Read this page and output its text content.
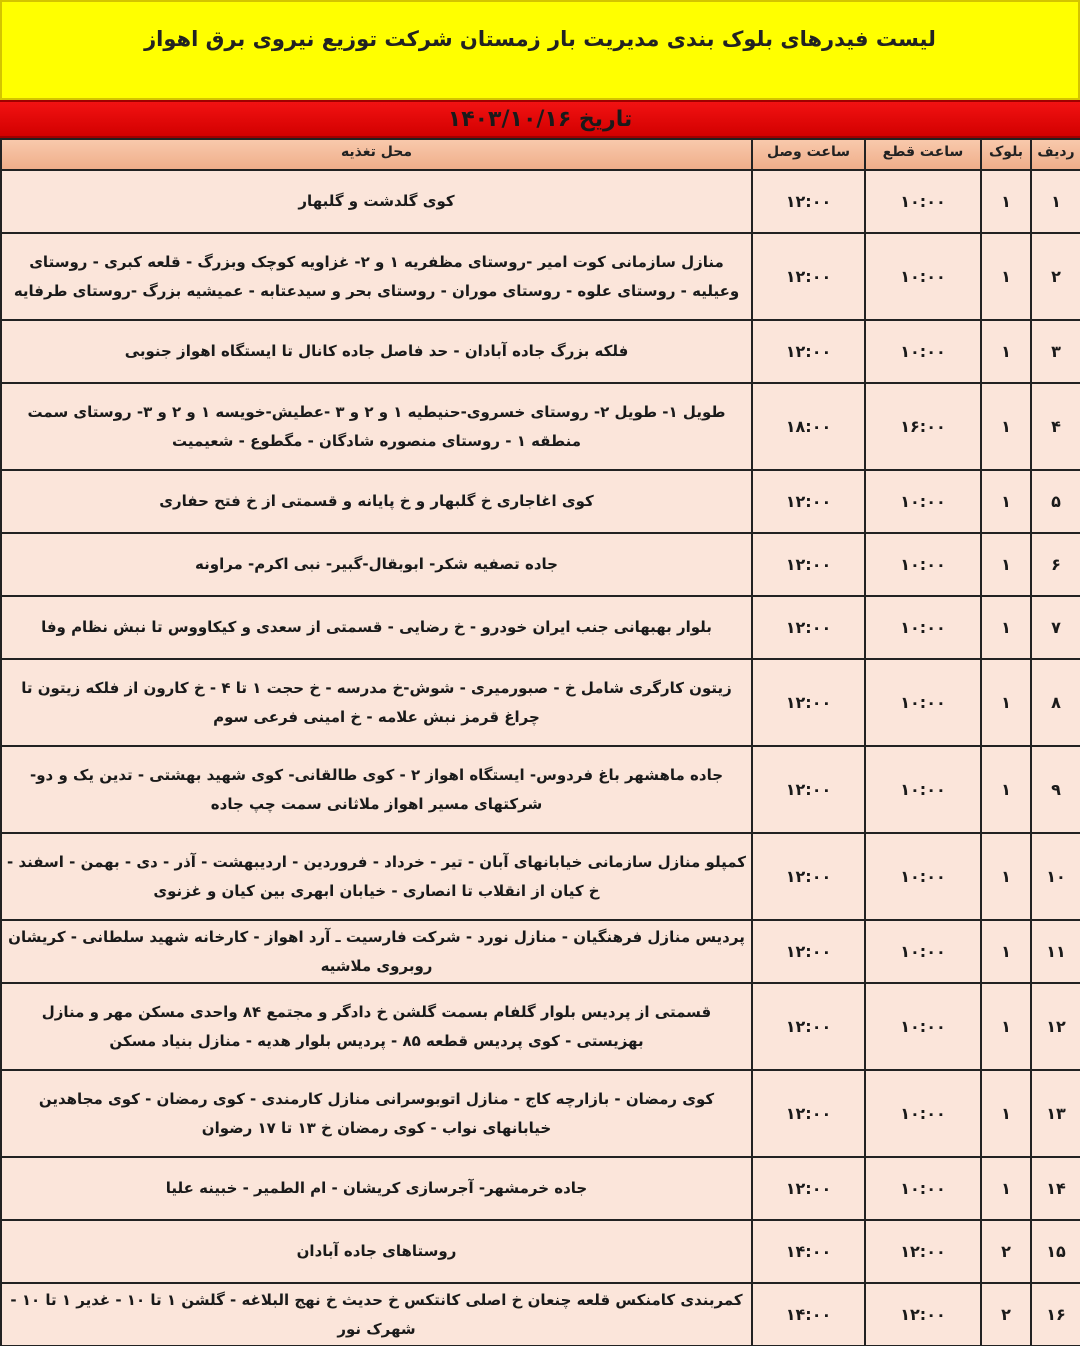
لیست فیدرهای بلوک بندی مدیریت بار زمستان شرکت توزیع نیروی برق اهواز
تاریخ ۱۴۰۳/۱۰/۱۶
ردیف	بلوک	ساعت قطع	ساعت وصل	محل تغذیه
۱	۱	۱۰:۰۰	۱۲:۰۰	کوی گلدشت و گلبهار
۲	۱	۱۰:۰۰	۱۲:۰۰	منازل سازمانی کوت امیر -روستای مظفریه ۱ و ۲- غزاویه کوچک وبزرگ - قلعه کبری - روستای وعیلیه - روستای علوه - روستای موران - روستای بحر و سیدعتابه - عمیشیه بزرگ -روستای طرفایه
۳	۱	۱۰:۰۰	۱۲:۰۰	فلکه بزرگ جاده آبادان - حد فاصل جاده کانال تا ایستگاه اهواز جنوبی
۴	۱	۱۶:۰۰	۱۸:۰۰	طویل ۱- طویل ۲- روستای خسروی-حنیطیه ۱ و ۲ و ۳ -عطیش-خویسه ۱ و ۲ و ۳- روستای سمت منطقه ۱ - روستای منصوره شادگان - مگطوع - شعیمیت
۵	۱	۱۰:۰۰	۱۲:۰۰	کوی اغاجاری خ گلبهار و خ پایانه و قسمتی از خ فتح حفاری
۶	۱	۱۰:۰۰	۱۲:۰۰	جاده تصفیه شکر- ابوبقال-گبیر- نبی اکرم- مراونه
۷	۱	۱۰:۰۰	۱۲:۰۰	بلوار بهبهانی جنب ایران خودرو - خ رضایی - قسمتی از سعدی و کیکاووس تا نبش نظام وفا
۸	۱	۱۰:۰۰	۱۲:۰۰	زیتون کارگری شامل خ - صبورمیری - شوش-خ مدرسه - خ حجت ۱ تا ۴ - خ کارون از فلکه زیتون تا چراغ قرمز نبش علامه - خ امینی فرعی سوم
۹	۱	۱۰:۰۰	۱۲:۰۰	جاده ماهشهر باغ فردوس- ایستگاه اهواز ۲ - کوی طالقانی- کوی شهید بهشتی - تدین یک و دو- شرکتهای مسیر اهواز ملاثانی سمت چپ جاده
۱۰	۱	۱۰:۰۰	۱۲:۰۰	کمپلو منازل سازمانی خیابانهای آبان - تیر - خرداد - فروردین - اردیبهشت - آذر - دی - بهمن - اسفند - خ کیان از انقلاب تا انصاری - خیابان ابهری بین کیان و غزنوی
۱۱	۱	۱۰:۰۰	۱۲:۰۰	پردیس منازل فرهنگیان - منازل نورد - شرکت فارسیت ـ آرد اهواز - کارخانه شهید سلطانی - کریشان روبروی ملاشیه
۱۲	۱	۱۰:۰۰	۱۲:۰۰	قسمتی از پردیس بلوار گلفام بسمت گلشن خ دادگر و مجتمع ۸۴ واحدی مسکن مهر و منازل بهزیستی - کوی پردیس قطعه ۸۵ - پردیس بلوار هدیه - منازل بنیاد مسکن
۱۳	۱	۱۰:۰۰	۱۲:۰۰	کوی رمضان - بازارچه کاج - منازل اتوبوسرانی منازل کارمندی - کوی رمضان - کوی مجاهدین خیابانهای نواب - کوی رمضان خ ۱۳ تا ۱۷ رضوان
۱۴	۱	۱۰:۰۰	۱۲:۰۰	جاده خرمشهر- آجرسازی کریشان - ام الطمیر - خبینه علیا
۱۵	۲	۱۲:۰۰	۱۴:۰۰	روستاهای جاده آبادان
۱۶	۲	۱۲:۰۰	۱۴:۰۰	کمربندی کامنکس قلعه چنعان خ اصلی کانتکس خ حدیث خ نهج البلاغه - گلشن ۱ تا ۱۰ - غدیر ۱ تا ۱۰ - شهرک نور
